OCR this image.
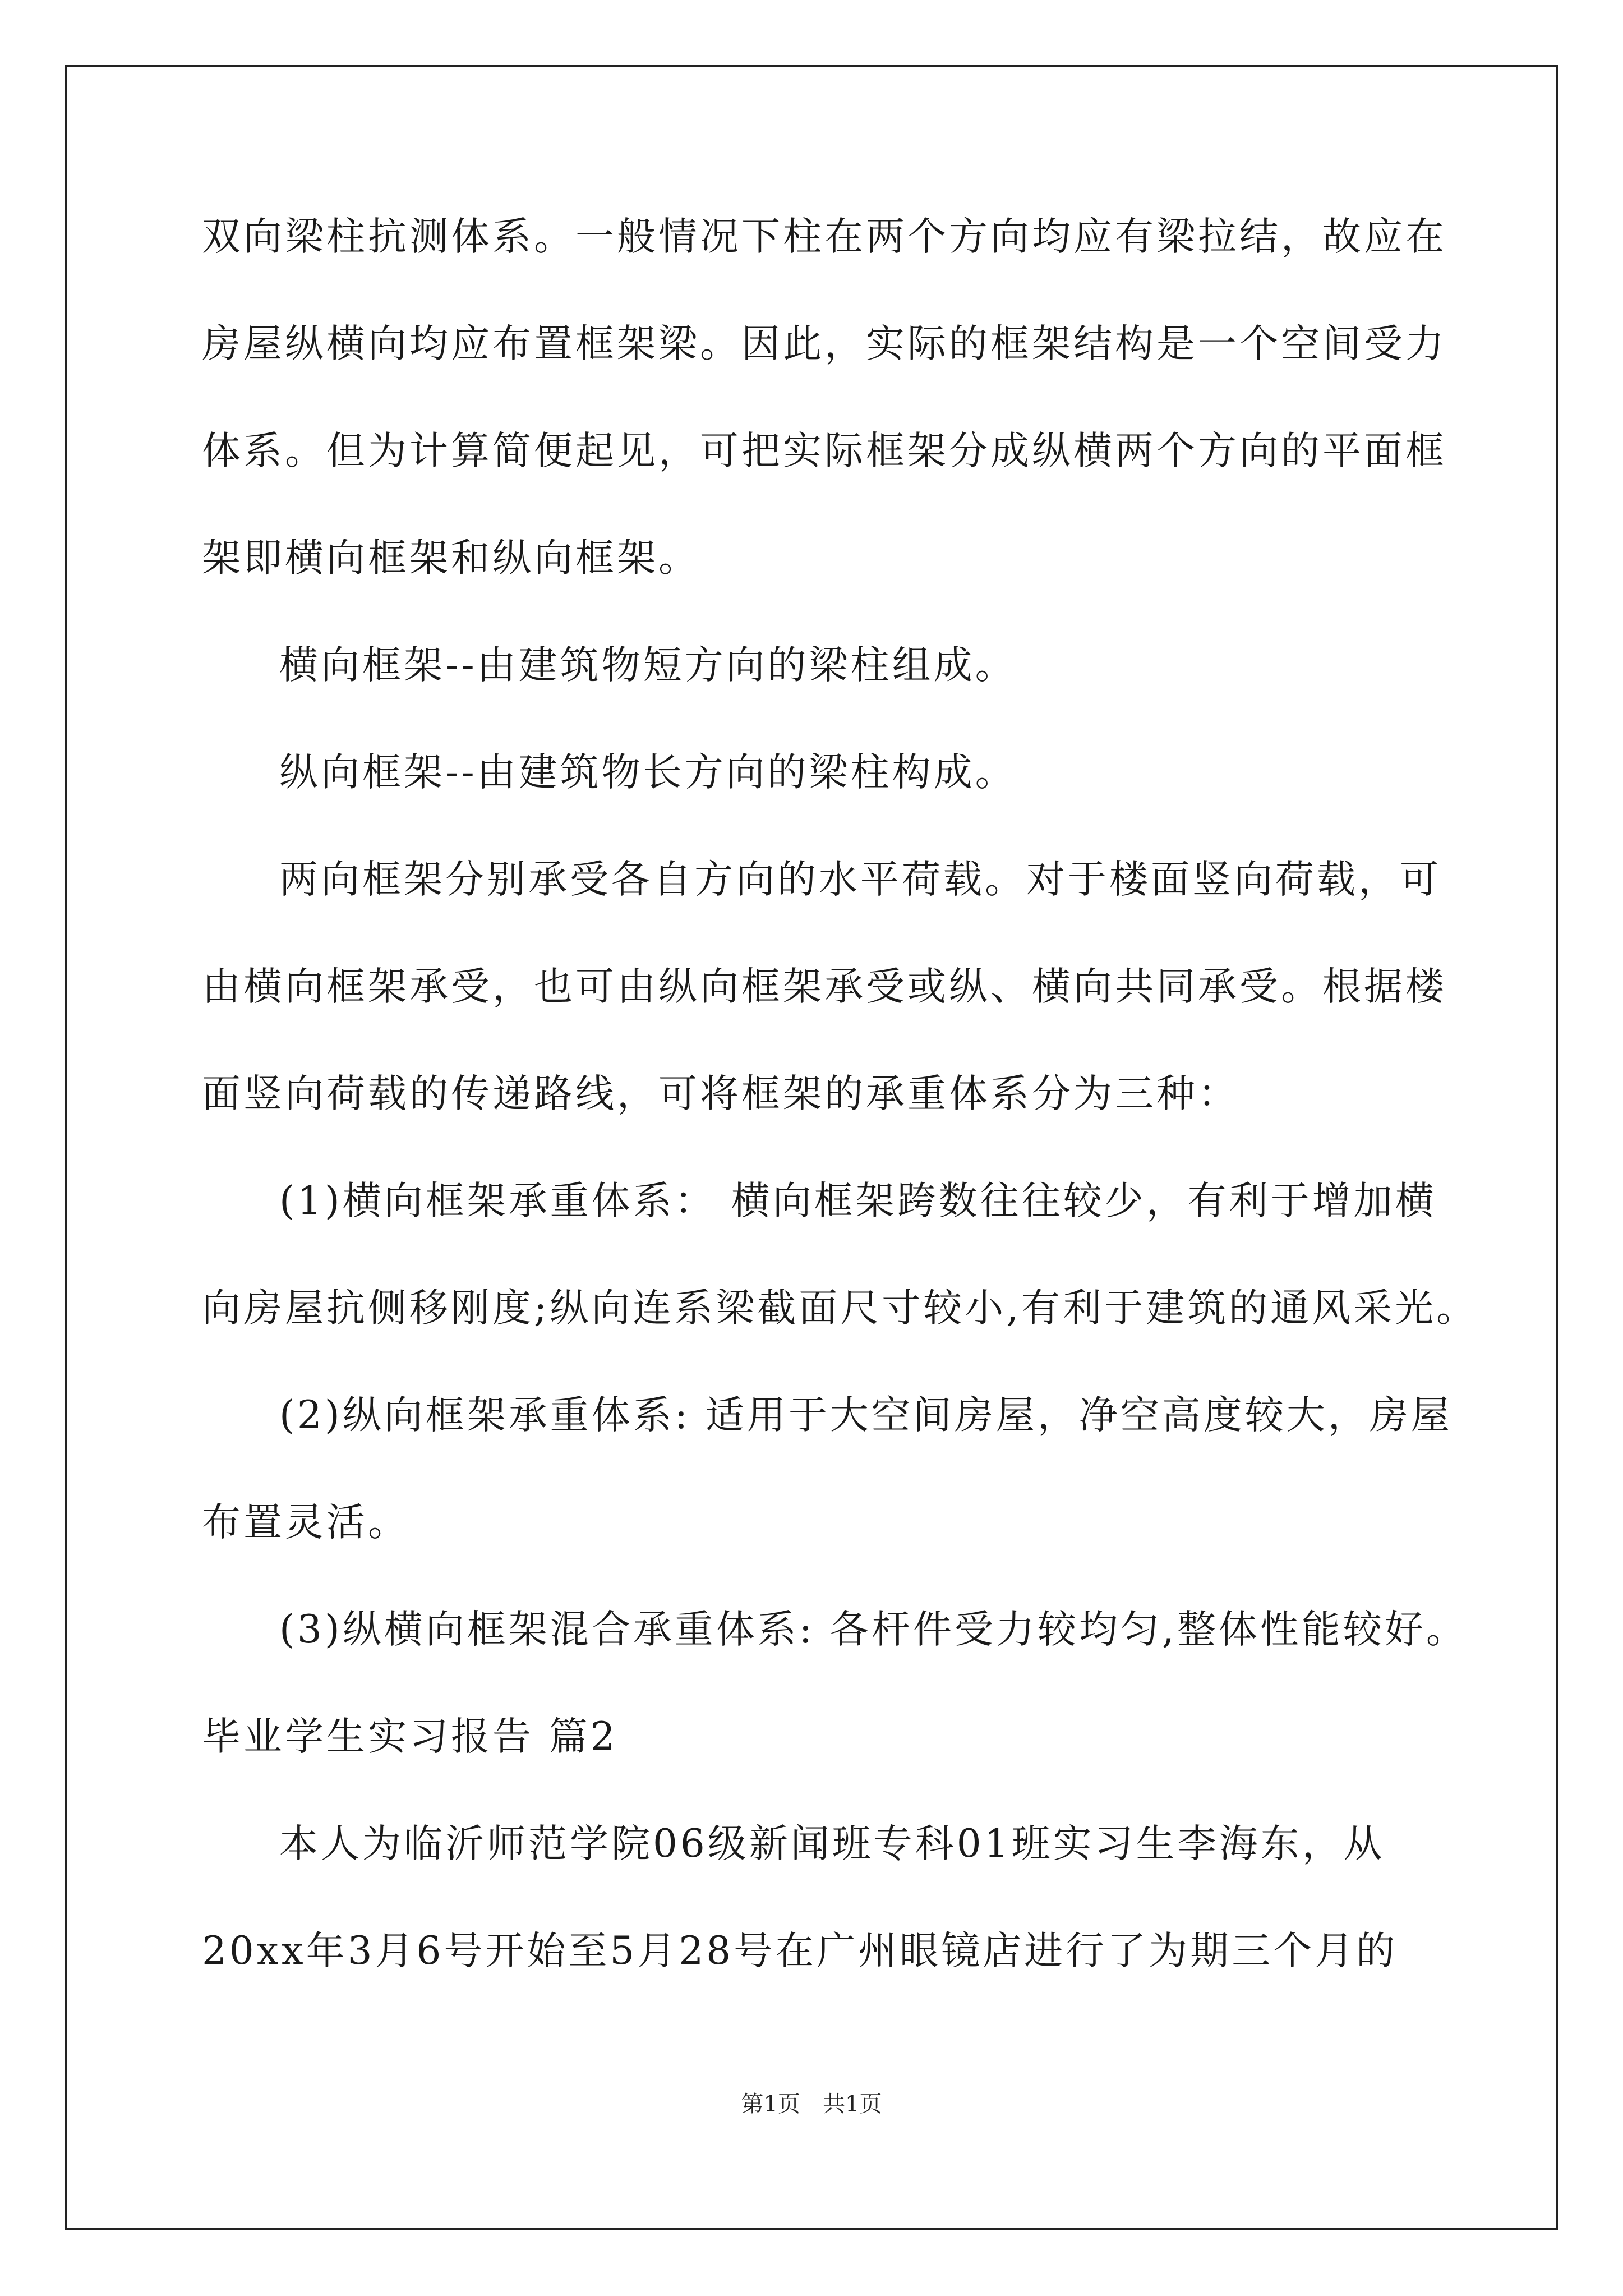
双向梁柱抗测体系。一般情况下柱在两个方向均应有梁拉结，故应在
房屋纵横向均应布置框架梁。因此，实际的框架结构是一个空间受力
体系。但为计算简便起见，可把实际框架分成纵横两个方向的平面框
架即横向框架和纵向框架。
横向框架--由建筑物短方向的梁柱组成。
纵向框架--由建筑物长方向的梁柱构成。
两向框架分别承受各自方向的水平荷载。对于楼面竖向荷载，可
由横向框架承受，也可由纵向框架承受或纵、横向共同承受。根据楼
面竖向荷载的传递路线，可将框架的承重体系分为三种：
(1)横向框架承重体系： 横向框架跨数往往较少，有利于增加横
向房屋抗侧移刚度;纵向连系梁截面尺寸较小,有利于建筑的通风采光。
(2)纵向框架承重体系: 适用于大空间房屋，净空高度较大，房屋
布置灵活。
(3)纵横向框架混合承重体系: 各杆件受力较均匀,整体性能较好。
毕业学生实习报告 篇2
本人为临沂师范学院06级新闻班专科01班实习生李海东，从
20xx年3月6号开始至5月28号在广州眼镜店进行了为期三个月的
第1页　共1页
